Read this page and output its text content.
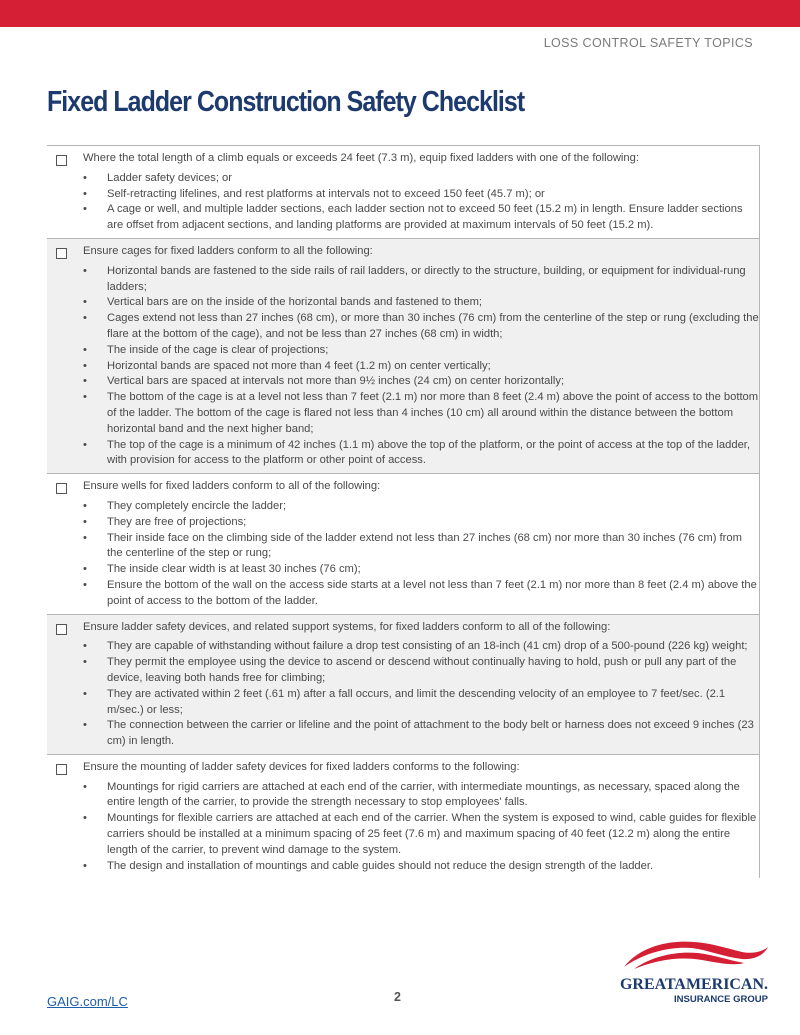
LOSS CONTROL SAFETY TOPICS
Fixed Ladder Construction Safety Checklist

Where the total length of a climb equals or exceeds 24 feet (7.3 m), equip fixed ladders with one of the following:

• Ladder safety devices; or
• Self-retracting lifelines, and rest platforms at intervals not to exceed 150 feet (45.7 m); or
• A cage or well, and multiple ladder sections, each ladder section not to exceed 50 feet (15.2 m) in length. Ensure ladder sections are offset from adjacent sections, and landing platforms are provided at maximum intervals of 50 feet (15.2 m).

Ensure cages for fixed ladders conform to all the following:

• Horizontal bands are fastened to the side rails of rail ladders, or directly to the structure, building, or equipment for individual-rung ladders;
• Vertical bars are on the inside of the horizontal bands and fastened to them;
• Cages extend not less than 27 inches (68 cm), or more than 30 inches (76 cm) from the centerline of the step or rung (excluding the flare at the bottom of the cage), and not be less than 27 inches (68 cm) in width;
• The inside of the cage is clear of projections;
• Horizontal bands are spaced not more than 4 feet (1.2 m) on center vertically;
• Vertical bars are spaced at intervals not more than 9½ inches (24 cm) on center horizontally;
• The bottom of the cage is at a level not less than 7 feet (2.1 m) nor more than 8 feet (2.4 m) above the point of access to the bottom of the ladder. The bottom of the cage is flared not less than 4 inches (10 cm) all around within the distance between the bottom horizontal band and the next higher band;
• The top of the cage is a minimum of 42 inches (1.1 m) above the top of the platform, or the point of access at the top of the ladder, with provision for access to the platform or other point of access.

Ensure wells for fixed ladders conform to all of the following:

• They completely encircle the ladder;
• They are free of projections;
• Their inside face on the climbing side of the ladder extend not less than 27 inches (68 cm) nor more than 30 inches (76 cm) from the centerline of the step or rung;
• The inside clear width is at least 30 inches (76 cm);
• Ensure the bottom of the wall on the access side starts at a level not less than 7 feet (2.1 m) nor more than 8 feet (2.4 m) above the point of access to the bottom of the ladder.

Ensure ladder safety devices, and related support systems, for fixed ladders conform to all of the following:

• They are capable of withstanding without failure a drop test consisting of an 18-inch (41 cm) drop of a 500-pound (226 kg) weight;
• They permit the employee using the device to ascend or descend without continually having to hold, push or pull any part of the device, leaving both hands free for climbing;
• They are activated within 2 feet (.61 m) after a fall occurs, and limit the descending velocity of an employee to 7 feet/sec. (2.1 m/sec.) or less;
• The connection between the carrier or lifeline and the point of attachment to the body belt or harness does not exceed 9 inches (23 cm) in length.

Ensure the mounting of ladder safety devices for fixed ladders conforms to the following:

• Mountings for rigid carriers are attached at each end of the carrier, with intermediate mountings, as necessary, spaced along the entire length of the carrier, to provide the strength necessary to stop employees' falls.
• Mountings for flexible carriers are attached at each end of the carrier. When the system is exposed to wind, cable guides for flexible carriers should be installed at a minimum spacing of 25 feet (7.6 m) and maximum spacing of 40 feet (12.2 m) along the entire length of the carrier, to prevent wind damage to the system.
• The design and installation of mountings and cable guides should not reduce the design strength of the ladder.
GAIG.com/LC	2
GREATAMERICAN.
INSURANCE GROUP
